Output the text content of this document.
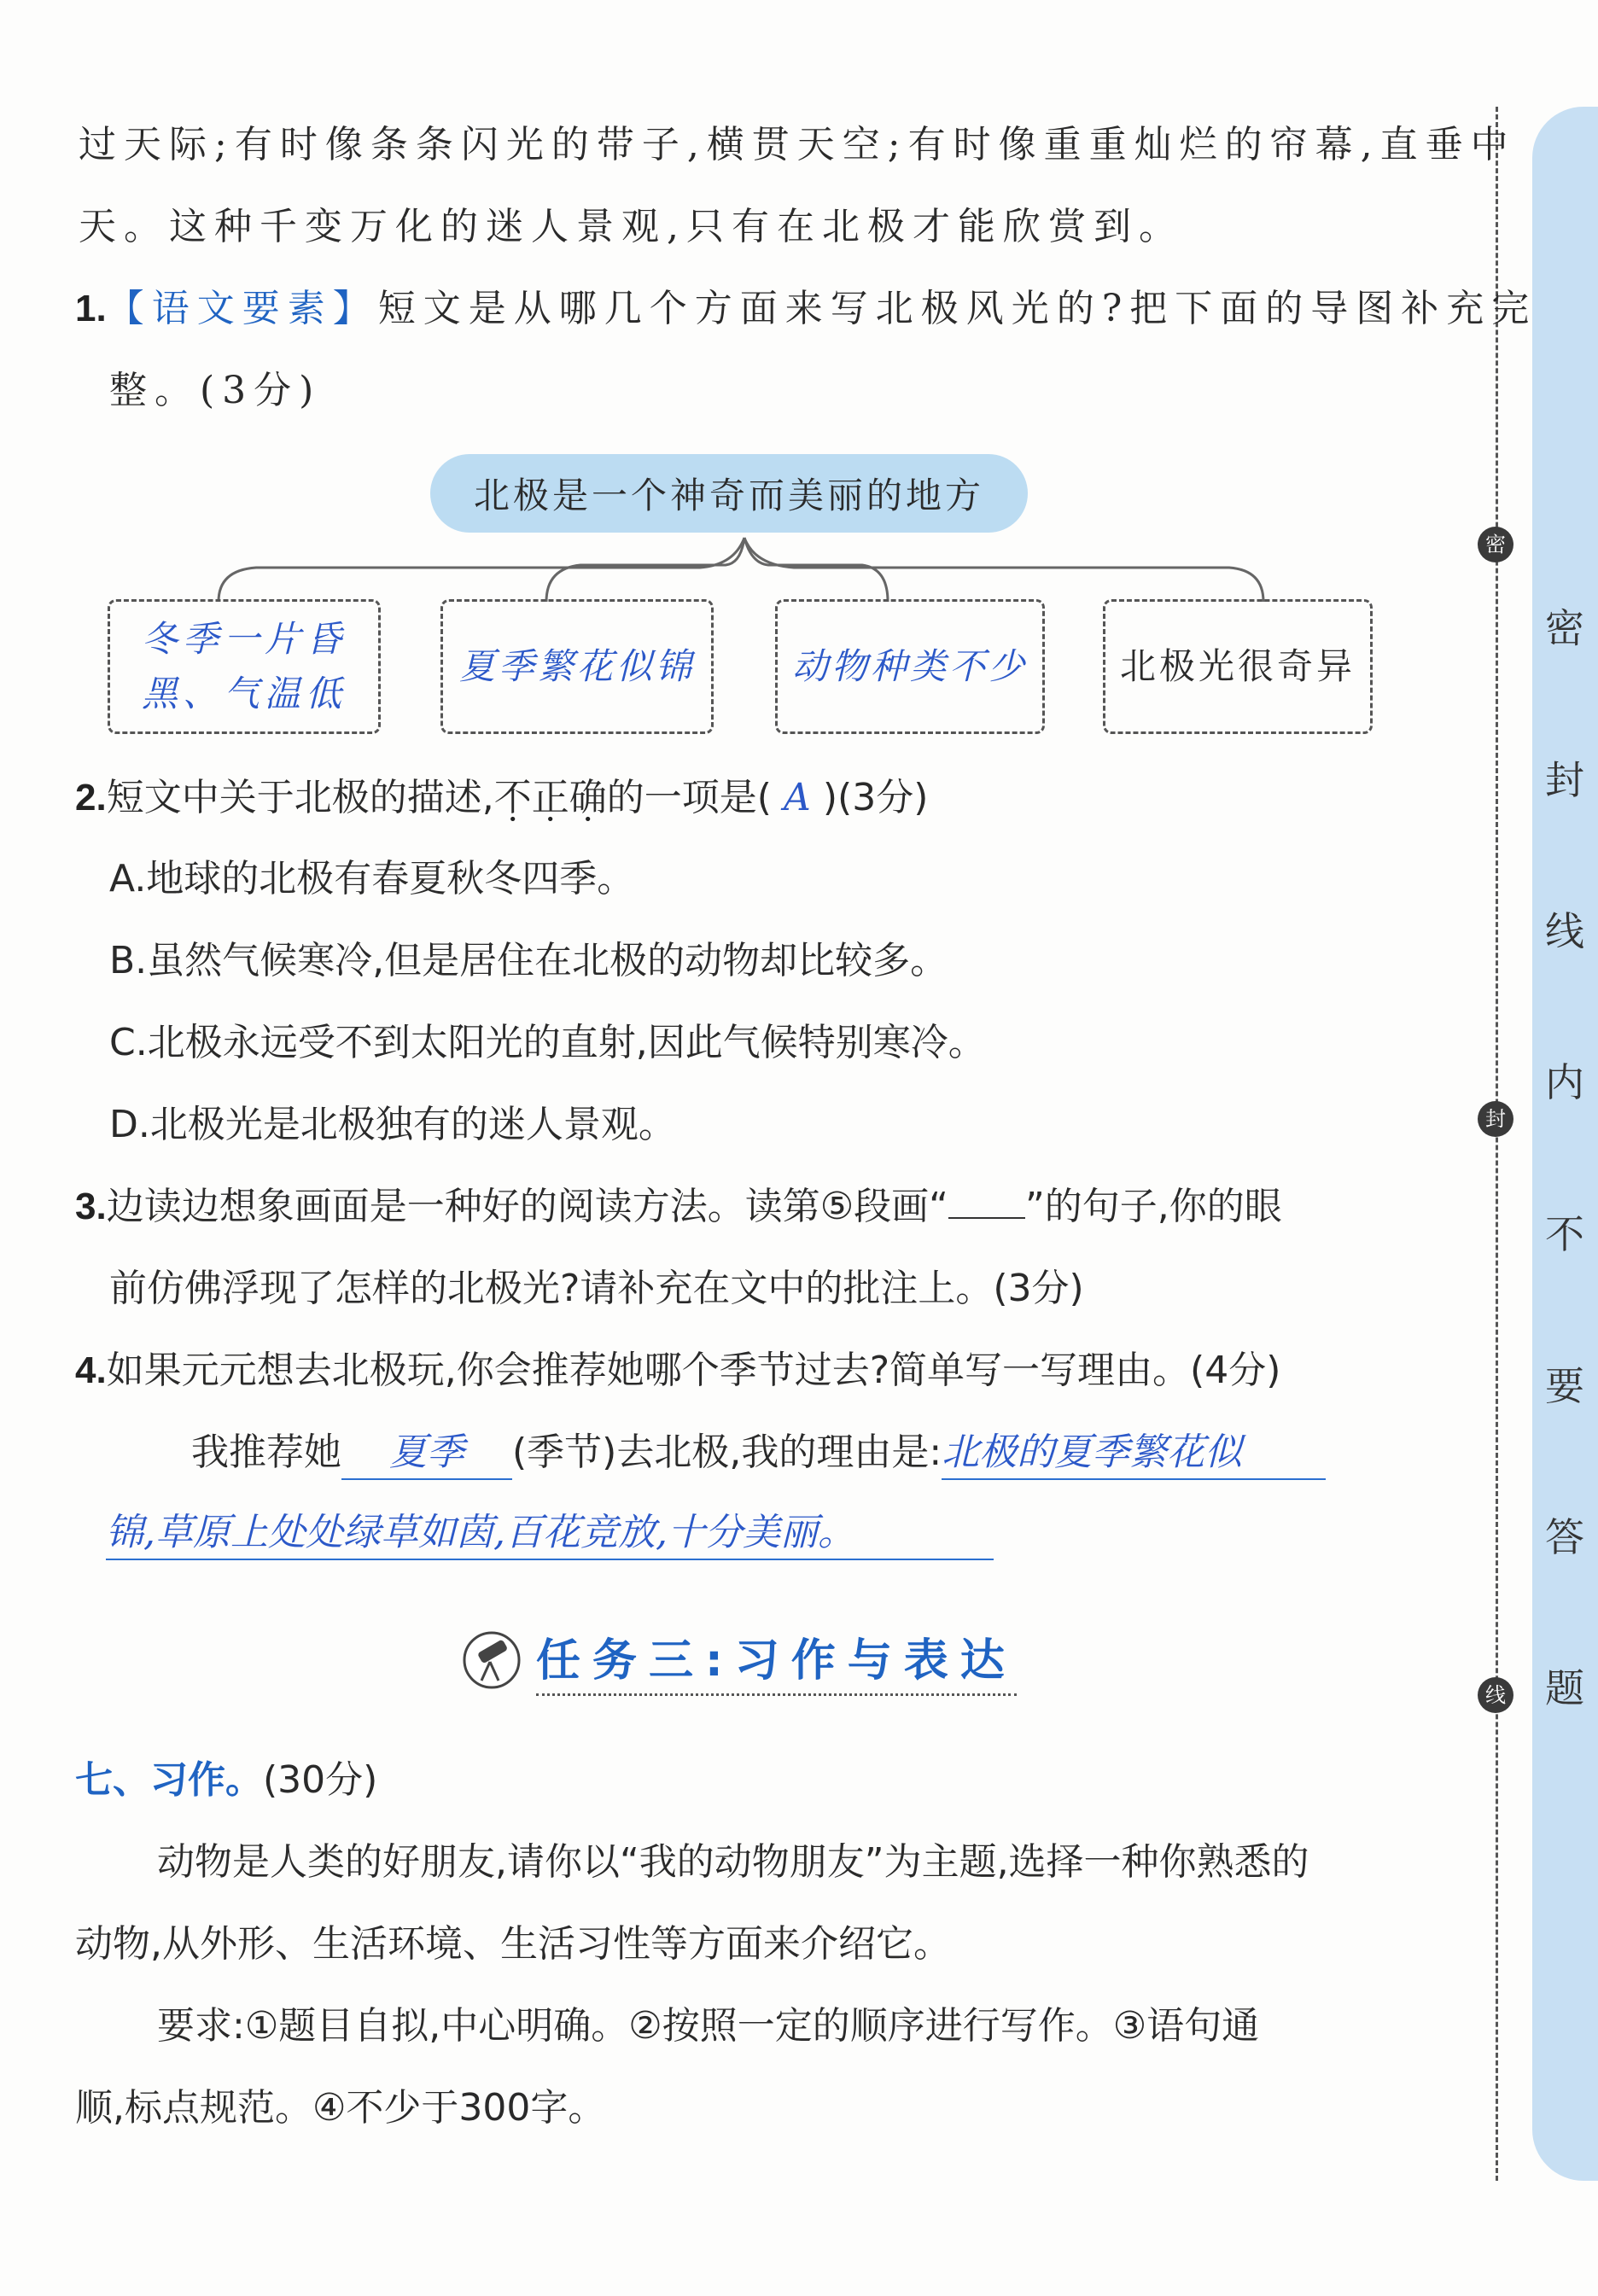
密
封
线
密
封
线
内
不
要
答
题
过天际;有时像条条闪光的带子,横贯天空;有时像重重灿烂的帘幕,直垂中
天。这种千变万化的迷人景观,只有在北极才能欣赏到。
1.【语文要素】短文是从哪几个方面来写北极风光的?把下面的导图补充完
整。(3分)
北极是一个神奇而美丽的地方
冬季一片昏黑、气温低
夏季繁花似锦	动物种类不少	北极光很奇异
2.短文中关于北极的描述,不正确的一项是( A )(3分)
A.地球的北极有春夏秋冬四季。
B.虽然气候寒冷,但是居住在北极的动物却比较多。
C.北极永远受不到太阳光的直射,因此气候特别寒冷。
D.北极光是北极独有的迷人景观。
3.边读边想象画面是一种好的阅读方法。读第⑤段画“ ”的句子,你的眼
前仿佛浮现了怎样的北极光?请补充在文中的批注上。(3分)
4.如果元元想去北极玩,你会推荐她哪个季节过去?简单写一写理由。(4分)
我推荐她 夏季 (季节)去北极,我的理由是:北极的夏季繁花似
锦,草原上处处绿草如茵,百花竞放,十分美丽。
任务三:习作与表达
七、习作。(30分)
动物是人类的好朋友,请你以“我的动物朋友”为主题,选择一种你熟悉的
动物,从外形、生活环境、生活习性等方面来介绍它。
要求:①题目自拟,中心明确。②按照一定的顺序进行写作。③语句通
顺,标点规范。④不少于300字。
